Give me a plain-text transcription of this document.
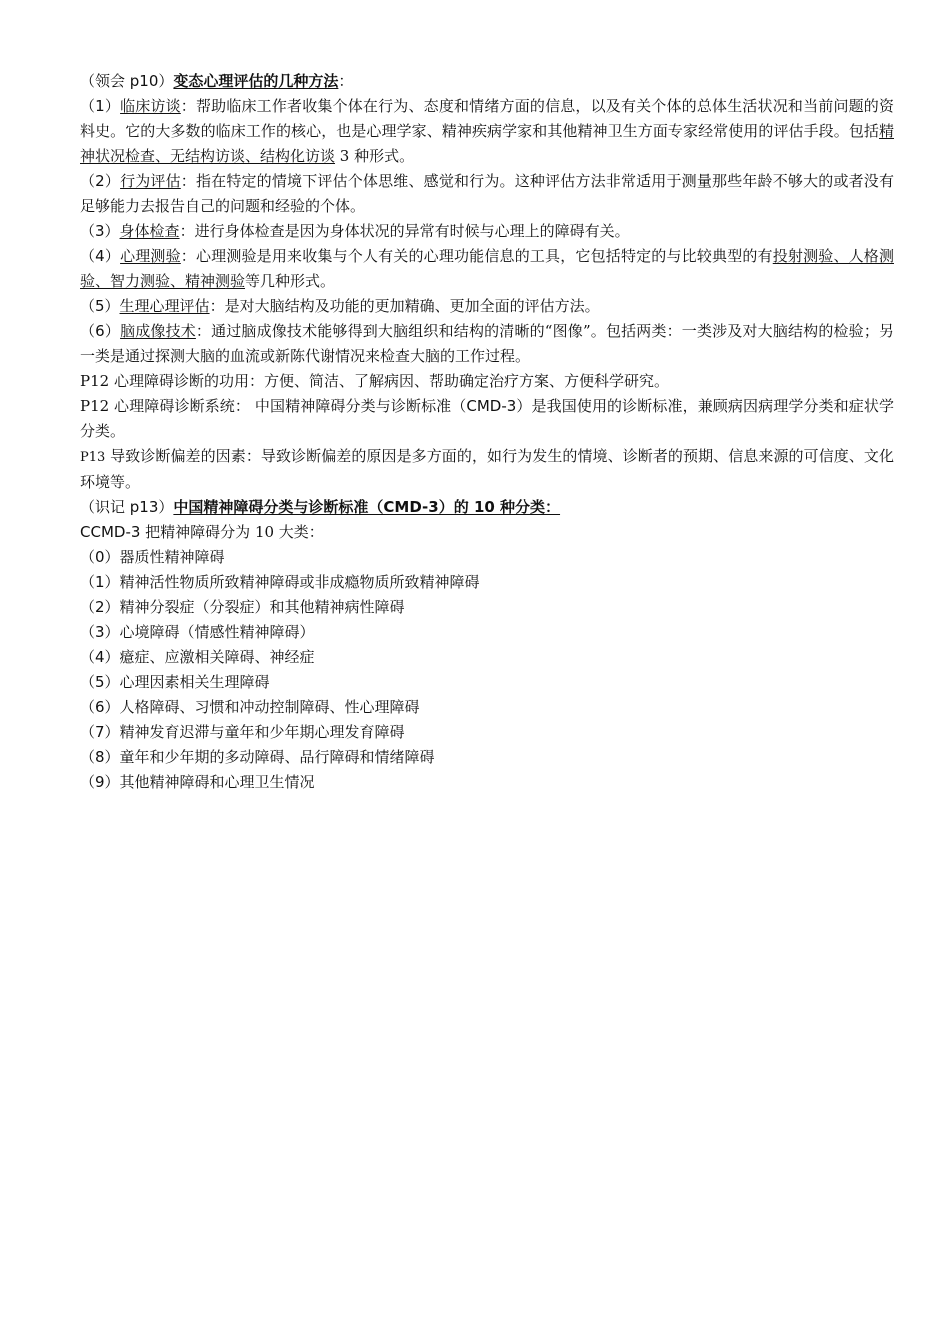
（领会 p10）变态心理评估的几种方法：

（1）临床访谈：帮助临床工作者收集个体在行为、态度和情绪方面的信息，以及有关个体的总体生活状况和当前问题的资料史。它的大多数的临床工作的核心，也是心理学家、精神疾病学家和其他精神卫生方面专家经常使用的评估手段。包括精神状况检查、无结构访谈、结构化访谈 3 种形式。

（2）行为评估：指在特定的情境下评估个体思维、感觉和行为。这种评估方法非常适用于测量那些年龄不够大的或者没有足够能力去报告自己的问题和经验的个体。

（3）身体检查：进行身体检查是因为身体状况的异常有时候与心理上的障碍有关。

（4）心理测验：心理测验是用来收集与个人有关的心理功能信息的工具，它包括特定的与比较典型的有投射测验、人格测验、智力测验、精神测验等几种形式。

（5）生理心理评估：是对大脑结构及功能的更加精确、更加全面的评估方法。

（6）脑成像技术：通过脑成像技术能够得到大脑组织和结构的清晰的“图像”。包括两类：一类涉及对大脑结构的检验；另一类是通过探测大脑的血流或新陈代谢情况来检查大脑的工作过程。

P12 心理障碍诊断的功用：方便、简洁、了解病因、帮助确定治疗方案、方便科学研究。

P12 心理障碍诊断系统： 中国精神障碍分类与诊断标准（CMD-3）是我国使用的诊断标准，兼顾病因病理学分类和症状学分类。

P13 导致诊断偏差的因素：导致诊断偏差的原因是多方面的，如行为发生的情境、诊断者的预期、信息来源的可信度、文化环境等。

（识记 p13）中国精神障碍分类与诊断标准（CMD-3）的 10 种分类：

CCMD-3 把精神障碍分为 10 大类：

（0）器质性精神障碍

（1）精神活性物质所致精神障碍或非成瘾物质所致精神障碍

（2）精神分裂症（分裂症）和其他精神病性障碍

（3）心境障碍（情感性精神障碍）

（4）癔症、应激相关障碍、神经症

（5）心理因素相关生理障碍

（6）人格障碍、习惯和冲动控制障碍、性心理障碍

（7）精神发育迟滞与童年和少年期心理发育障碍

（8）童年和少年期的多动障碍、品行障碍和情绪障碍

（9）其他精神障碍和心理卫生情况
